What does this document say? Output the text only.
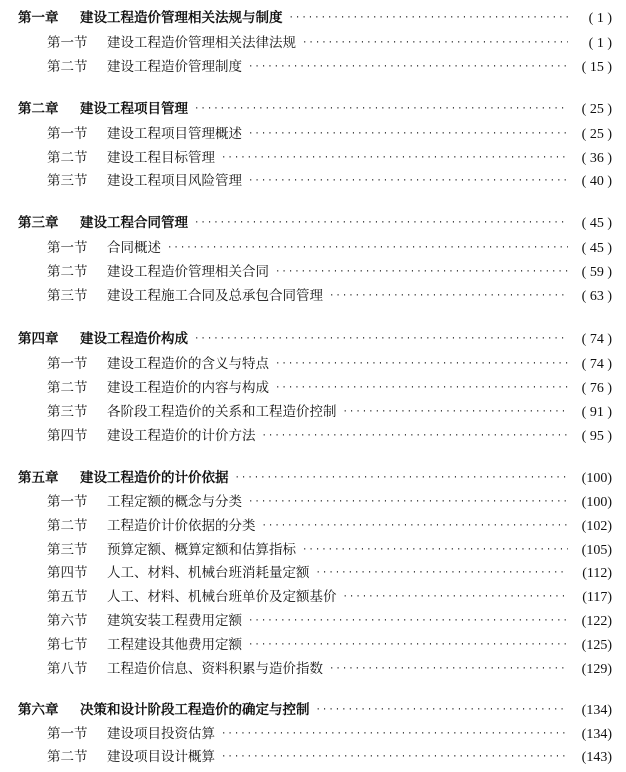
第一章	建设工程造价管理相关法规与制度 ·····	( 1 )
第一节	建设工程造价管理相关法律法规 ·····	( 1 )
第二节	建设工程造价管理制度 ·····	( 15 )
第二章	建设工程项目管理 ·····	( 25 )
第一节	建设工程项目管理概述 ·····	( 25 )
第二节	建设工程目标管理 ·····	( 36 )
第三节	建设工程项目风险管理 ·····	( 40 )
第三章	建设工程合同管理 ·····	( 45 )
第一节	合同概述 ·····	( 45 )
第二节	建设工程造价管理相关合同 ·····	( 59 )
第三节	建设工程施工合同及总承包合同管理 ·····	( 63 )
第四章	建设工程造价构成 ·····	( 74 )
第一节	建设工程造价的含义与特点 ·····	( 74 )
第二节	建设工程造价的内容与构成 ·····	( 76 )
第三节	各阶段工程造价的关系和工程造价控制 ·····	( 91 )
第四节	建设工程造价的计价方法 ·····	( 95 )
第五章	建设工程造价的计价依据 ·····	(100)
第一节	工程定额的概念与分类 ·····	(100)
第二节	工程造价计价依据的分类 ·····	(102)
第三节	预算定额、概算定额和估算指标 ·····	(105)
第四节	人工、材料、机械台班消耗量定额 ·····	(112)
第五节	人工、材料、机械台班单价及定额基价 ·····	(117)
第六节	建筑安装工程费用定额 ·····	(122)
第七节	工程建设其他费用定额 ·····	(125)
第八节	工程造价信息、资料积累与造价指数 ·····	(129)
第六章	决策和设计阶段工程造价的确定与控制 ·····	(134)
第一节	建设项目投资估算 ·····	(134)
第二节	建设项目设计概算 ·····	(143)
